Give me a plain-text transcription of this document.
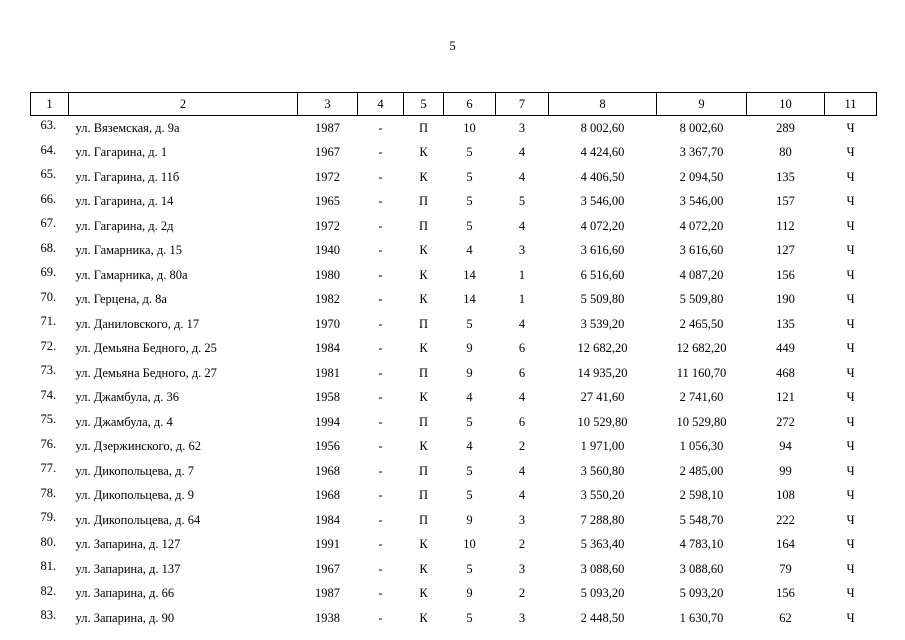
5
1	2	3	4	5	6	7	8	9	10	11
63.	ул. Вяземская, д. 9а	1987	-	П	10	3	8 002,60	8 002,60	289	Ч
64.	ул. Гагарина, д. 1	1967	-	К	5	4	4 424,60	3 367,70	80	Ч
65.	ул. Гагарина, д. 11б	1972	-	К	5	4	4 406,50	2 094,50	135	Ч
66.	ул. Гагарина, д. 14	1965	-	П	5	5	3 546,00	3 546,00	157	Ч
67.	ул. Гагарина, д. 2д	1972	-	П	5	4	4 072,20	4 072,20	112	Ч
68.	ул. Гамарника, д. 15	1940	-	К	4	3	3 616,60	3 616,60	127	Ч
69.	ул. Гамарника, д. 80а	1980	-	К	14	1	6 516,60	4 087,20	156	Ч
70.	ул. Герцена, д. 8а	1982	-	К	14	1	5 509,80	5 509,80	190	Ч
71.	ул. Даниловского, д. 17	1970	-	П	5	4	3 539,20	2 465,50	135	Ч
72.	ул. Демьяна Бедного, д. 25	1984	-	К	9	6	12 682,20	12 682,20	449	Ч
73.	ул. Демьяна Бедного, д. 27	1981	-	П	9	6	14 935,20	11 160,70	468	Ч
74.	ул. Джамбула, д. 36	1958	-	К	4	4	27 41,60	2 741,60	121	Ч
75.	ул. Джамбула, д. 4	1994	-	П	5	6	10 529,80	10 529,80	272	Ч
76.	ул. Дзержинского, д. 62	1956	-	К	4	2	1 971,00	1 056,30	94	Ч
77.	ул. Дикопольцева, д. 7	1968	-	П	5	4	3 560,80	2 485,00	99	Ч
78.	ул. Дикопольцева, д. 9	1968	-	П	5	4	3 550,20	2 598,10	108	Ч
79.	ул. Дикопольцева, д. 64	1984	-	П	9	3	7 288,80	5 548,70	222	Ч
80.	ул. Запарина, д. 127	1991	-	К	10	2	5 363,40	4 783,10	164	Ч
81.	ул. Запарина, д. 137	1967	-	К	5	3	3 088,60	3 088,60	79	Ч
82.	ул. Запарина, д. 66	1987	-	К	9	2	5 093,20	5 093,20	156	Ч
83.	ул. Запарина, д. 90	1938	-	К	5	3	2 448,50	1 630,70	62	Ч
